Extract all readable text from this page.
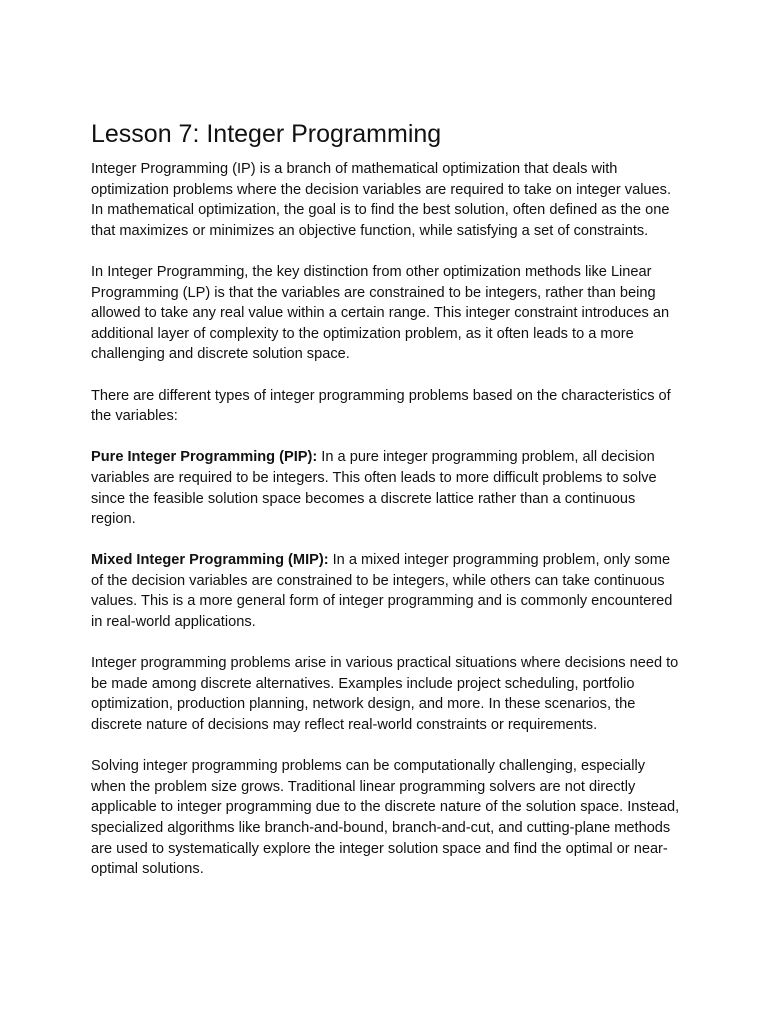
Lesson 7: Integer Programming

Integer Programming (IP) is a branch of mathematical optimization that deals with optimization problems where the decision variables are required to take on integer values. In mathematical optimization, the goal is to find the best solution, often defined as the one that maximizes or minimizes an objective function, while satisfying a set of constraints.

In Integer Programming, the key distinction from other optimization methods like Linear Programming (LP) is that the variables are constrained to be integers, rather than being allowed to take any real value within a certain range. This integer constraint introduces an additional layer of complexity to the optimization problem, as it often leads to a more challenging and discrete solution space.

There are different types of integer programming problems based on the characteristics of the variables:

Pure Integer Programming (PIP): In a pure integer programming problem, all decision variables are required to be integers. This often leads to more difficult problems to solve since the feasible solution space becomes a discrete lattice rather than a continuous region.

Mixed Integer Programming (MIP): In a mixed integer programming problem, only some of the decision variables are constrained to be integers, while others can take continuous values. This is a more general form of integer programming and is commonly encountered in real-world applications.

Integer programming problems arise in various practical situations where decisions need to be made among discrete alternatives. Examples include project scheduling, portfolio optimization, production planning, network design, and more. In these scenarios, the discrete nature of decisions may reflect real-world constraints or requirements.

Solving integer programming problems can be computationally challenging, especially when the problem size grows. Traditional linear programming solvers are not directly applicable to integer programming due to the discrete nature of the solution space. Instead, specialized algorithms like branch-and-bound, branch-and-cut, and cutting-plane methods are used to systematically explore the integer solution space and find the optimal or near-optimal solutions.
